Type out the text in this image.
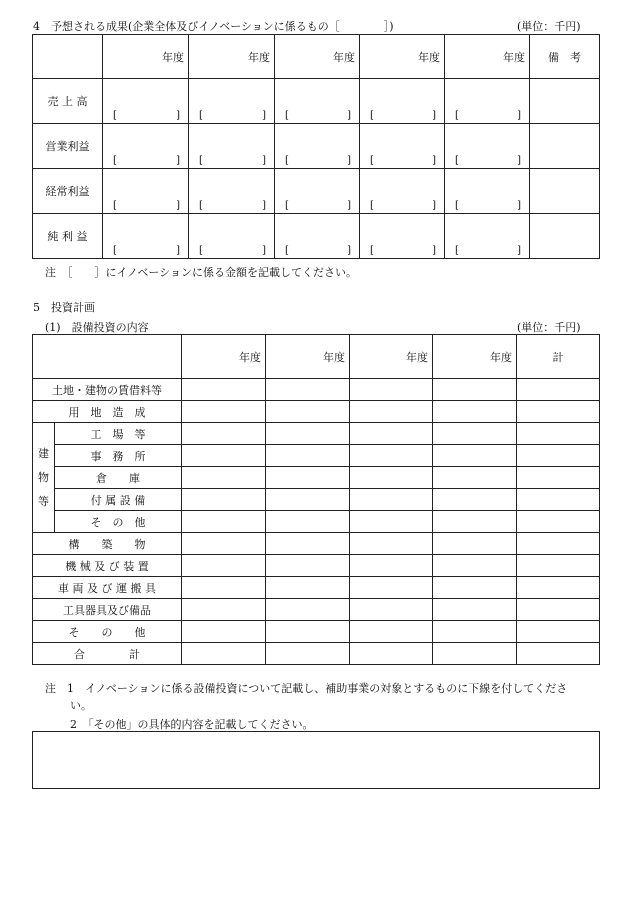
4　予想される成果(企業全体及びイノベーションに係るもの［　　　　］)	(単位：千円)
	年度	年度	年度	年度	年度	備　考
売 上 高	[ ]	[ ]	[ ]	[ ]	[ ]	

営業利益	[ ]	[ ]	[ ]	[ ]	[ ]	

経常利益	[ ]	[ ]	[ ]	[ ]	[ ]	

純 利 益	[ ]	[ ]	[ ]	[ ]	[ ]	

注　［　　］にイノベーションに係る金額を記載してください。
5　投資計画
(1)　設備投資の内容	(単位：千円)
		年度	年度	年度	年度	計
土地・建物の賃借料等						
用　地　造　成						
建
物
等	工　場　等					
	事　務　所					
	倉　　庫					
	付 属 設 備					
	そ　の　他					
構　　築　　物						
機 械 及 び 装 置						
車 両 及 び 運 搬 具						
工具器具及び備品						
そ　　の　　他						
合　　　　計						
注　1　イノベーションに係る設備投資について記載し、補助事業の対象とするものに下線を付してくださ
い。
2　「その他」の具体的内容を記載してください。
